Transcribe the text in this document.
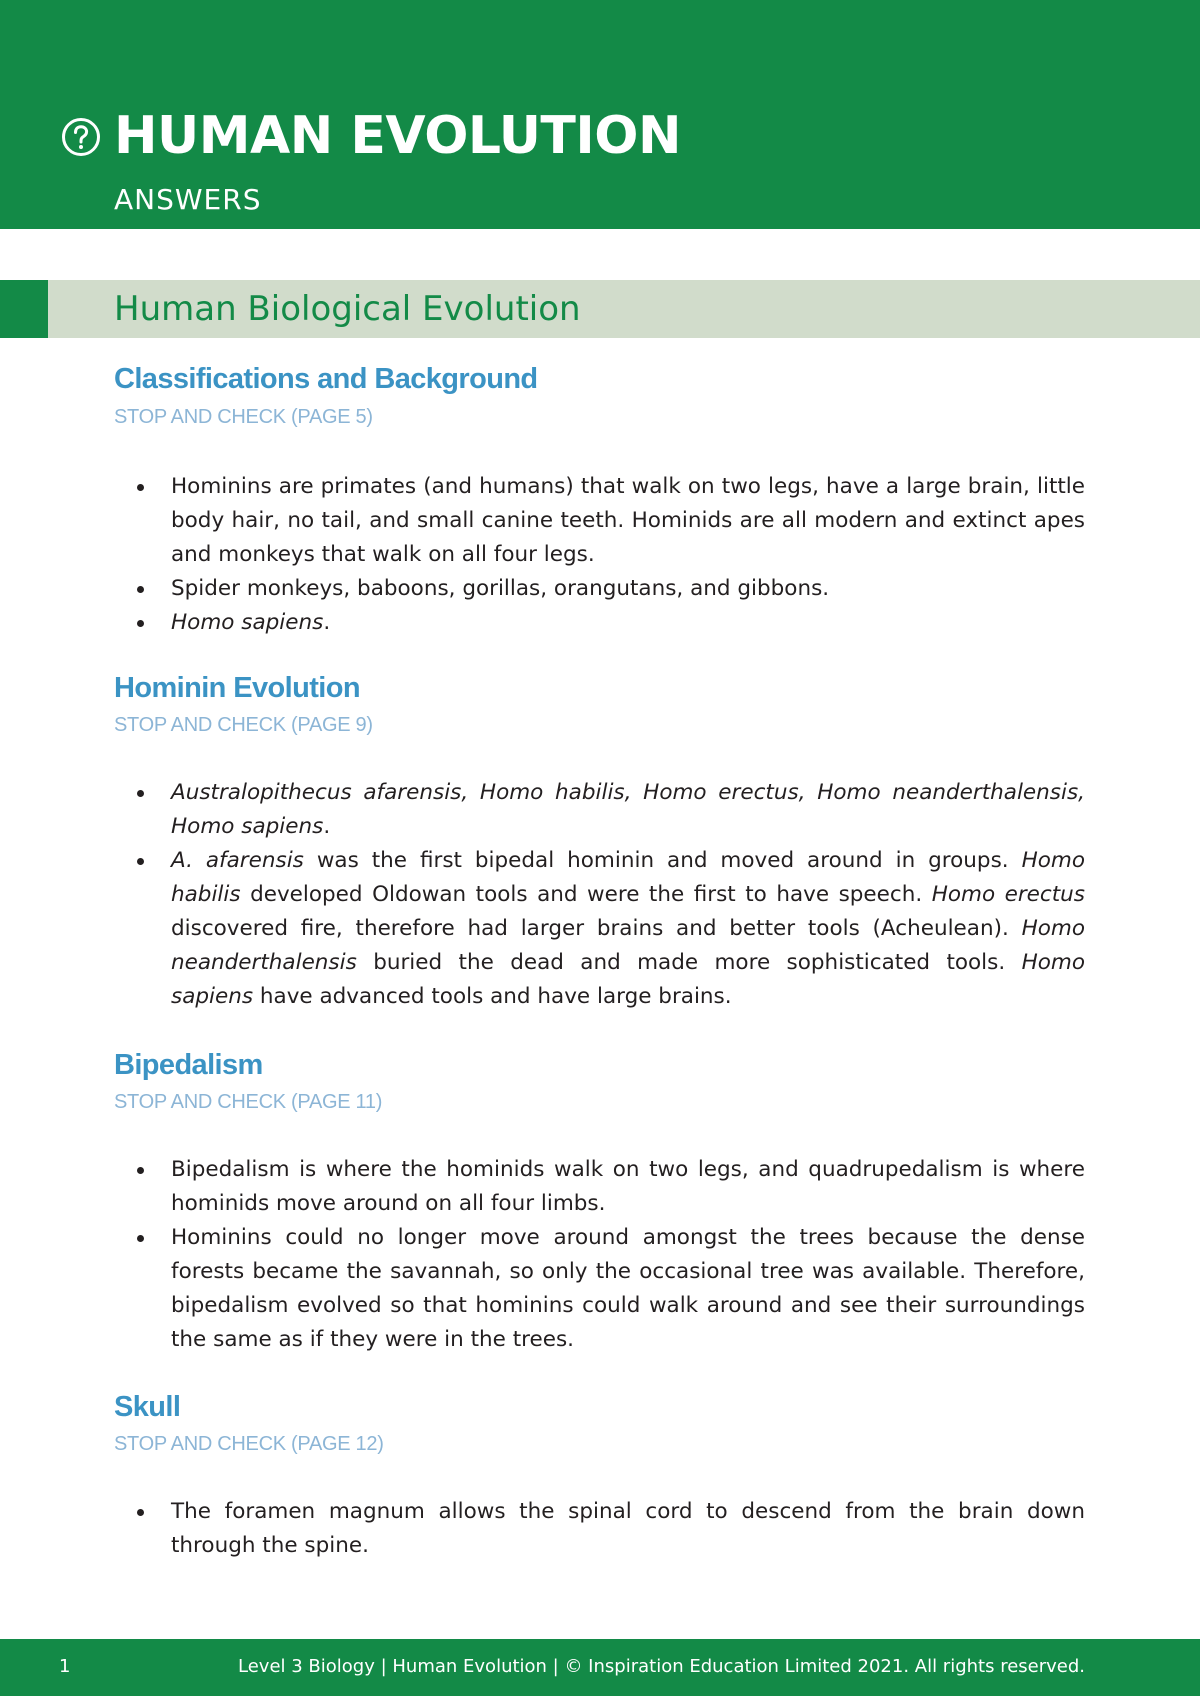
HUMAN EVOLUTION
ANSWERS
Human Biological Evolution
Classifications and Background
STOP AND CHECK (PAGE 5)
Hominins are primates (and humans) that walk on two legs, have a large brain, little body hair, no tail, and small canine teeth. Hominids are all modern and extinct apes and monkeys that walk on all four legs.
Spider monkeys, baboons, gorillas, orangutans, and gibbons.
Homo sapiens.
Hominin Evolution
STOP AND CHECK (PAGE 9)
Australopithecus afarensis, Homo habilis, Homo erectus, Homo neanderthalensis, Homo sapiens.
A. afarensis was the first bipedal hominin and moved around in groups. Homo habilis developed Oldowan tools and were the first to have speech. Homo erectus discovered fire, therefore had larger brains and better tools (Acheulean). Homo neanderthalensis buried the dead and made more sophisticated tools. Homo sapiens have advanced tools and have large brains.
Bipedalism
STOP AND CHECK (PAGE 11)
Bipedalism is where the hominids walk on two legs, and quadrupedalism is where hominids move around on all four limbs.
Hominins could no longer move around amongst the trees because the dense forests became the savannah, so only the occasional tree was available. Therefore, bipedalism evolved so that hominins could walk around and see their surroundings the same as if they were in the trees.
Skull
STOP AND CHECK (PAGE 12)
The foramen magnum allows the spinal cord to descend from the brain down through the spine.
1	Level 3 Biology | Human Evolution | © Inspiration Education Limited 2021. All rights reserved.
